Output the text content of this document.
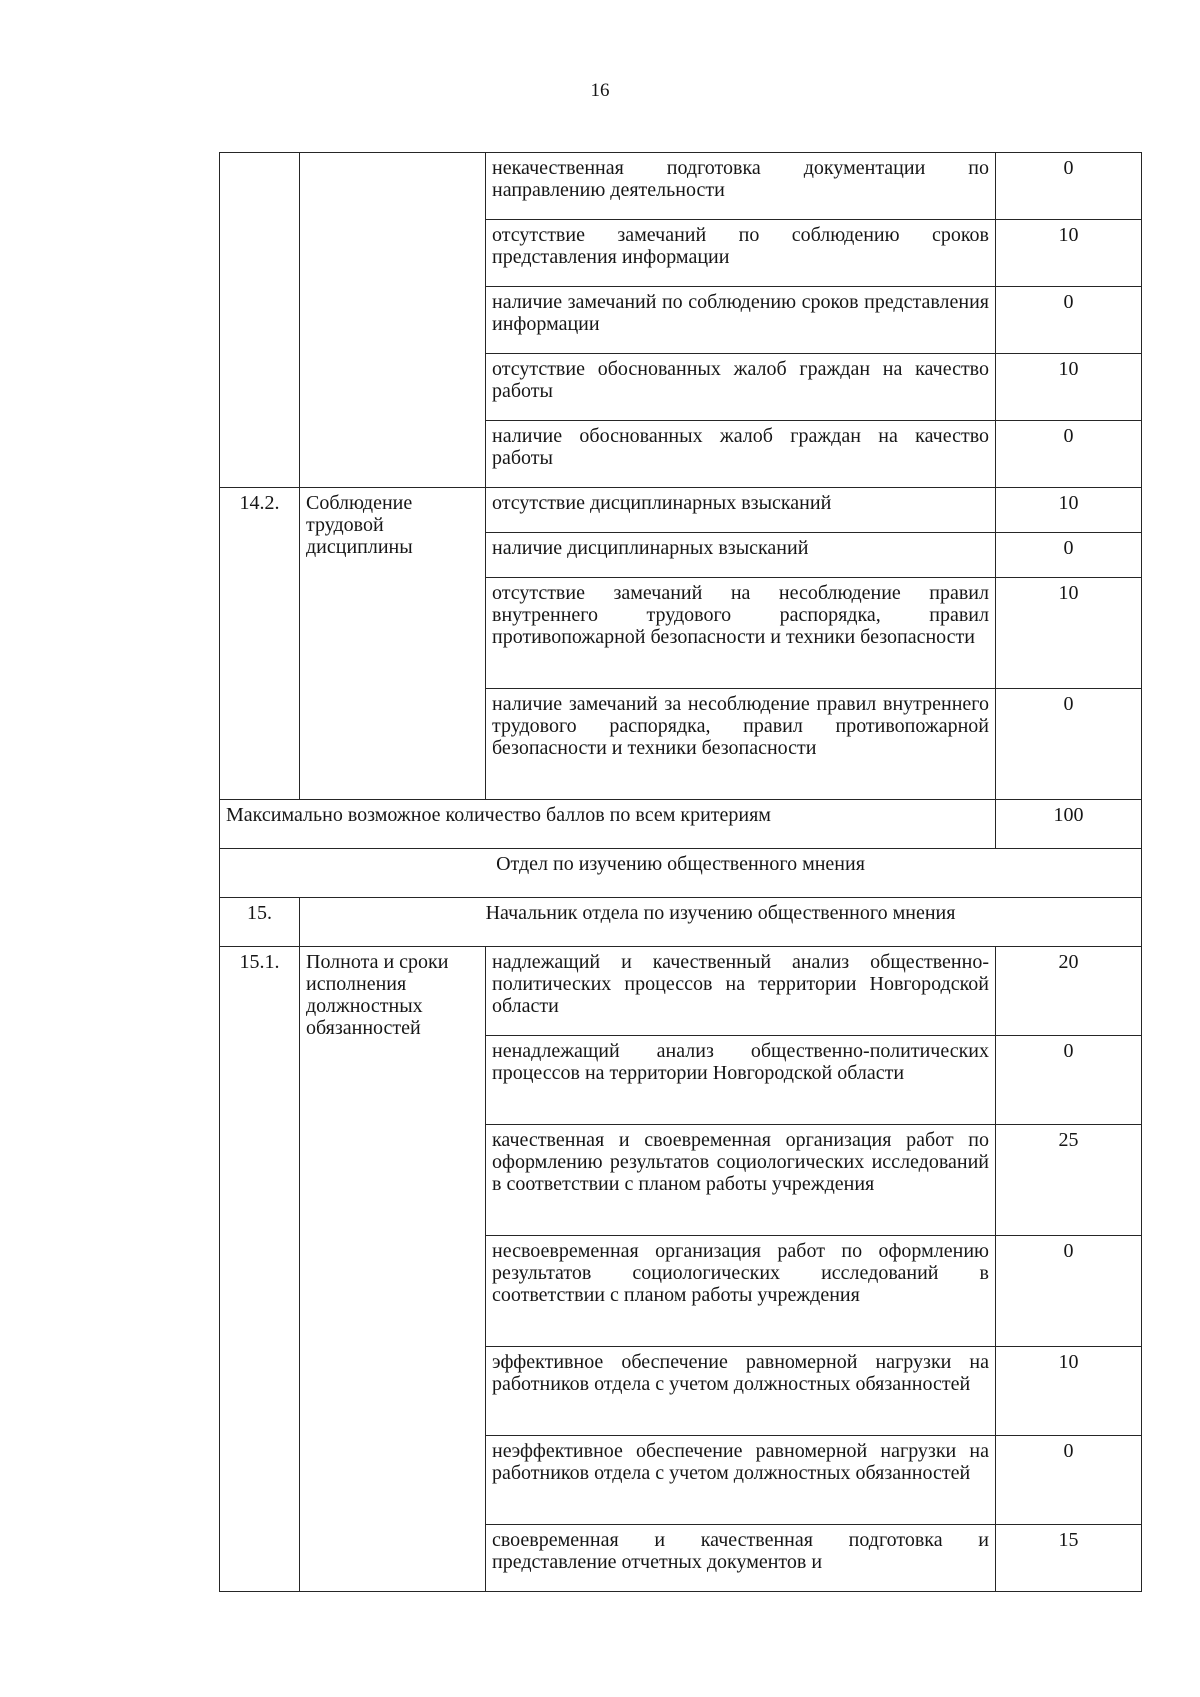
16
		некачественная подготовка документации по направлению деятельности	0
		отсутствие замечаний по соблюдению сроков представления информации	10
		наличие замечаний по соблюдению сроков представления информации	0
		отсутствие обоснованных жалоб граждан на качество работы	10
		наличие обоснованных жалоб граждан на качество работы	0
14.2.	Соблюдение трудовой дисциплины	отсутствие дисциплинарных взысканий	10
		наличие дисциплинарных взысканий	0
		отсутствие замечаний на несоблюдение правил внутреннего трудового распорядка, правил противопожарной безопасности и техники безопасности	10
		наличие замечаний за несоблюдение правил внутреннего трудового распорядка, правил противопожарной безопасности и техники безопасности	0
Максимально возможное количество баллов по всем критериям			100
Отдел по изучению общественного мнения			
15.	Начальник отдела по изучению общественного мнения		
15.1.	Полнота и сроки исполнения должностных обязанностей	надлежащий и качественный анализ общественно-политических процессов на территории Новгородской области	20
		ненадлежащий анализ общественно-политических процессов на территории Новгородской области	0
		качественная и своевременная организация работ по оформлению результатов социологических исследований в соответствии с планом работы учреждения	25
		несвоевременная организация работ по оформлению результатов социологических исследований в соответствии с планом работы учреждения	0
		эффективное обеспечение равномерной нагрузки на работников отдела с учетом должностных обязанностей	10
		неэффективное обеспечение равномерной нагрузки на работников отдела с учетом должностных обязанностей	0
		своевременная и качественная подготовка и представление отчетных документов и	15
